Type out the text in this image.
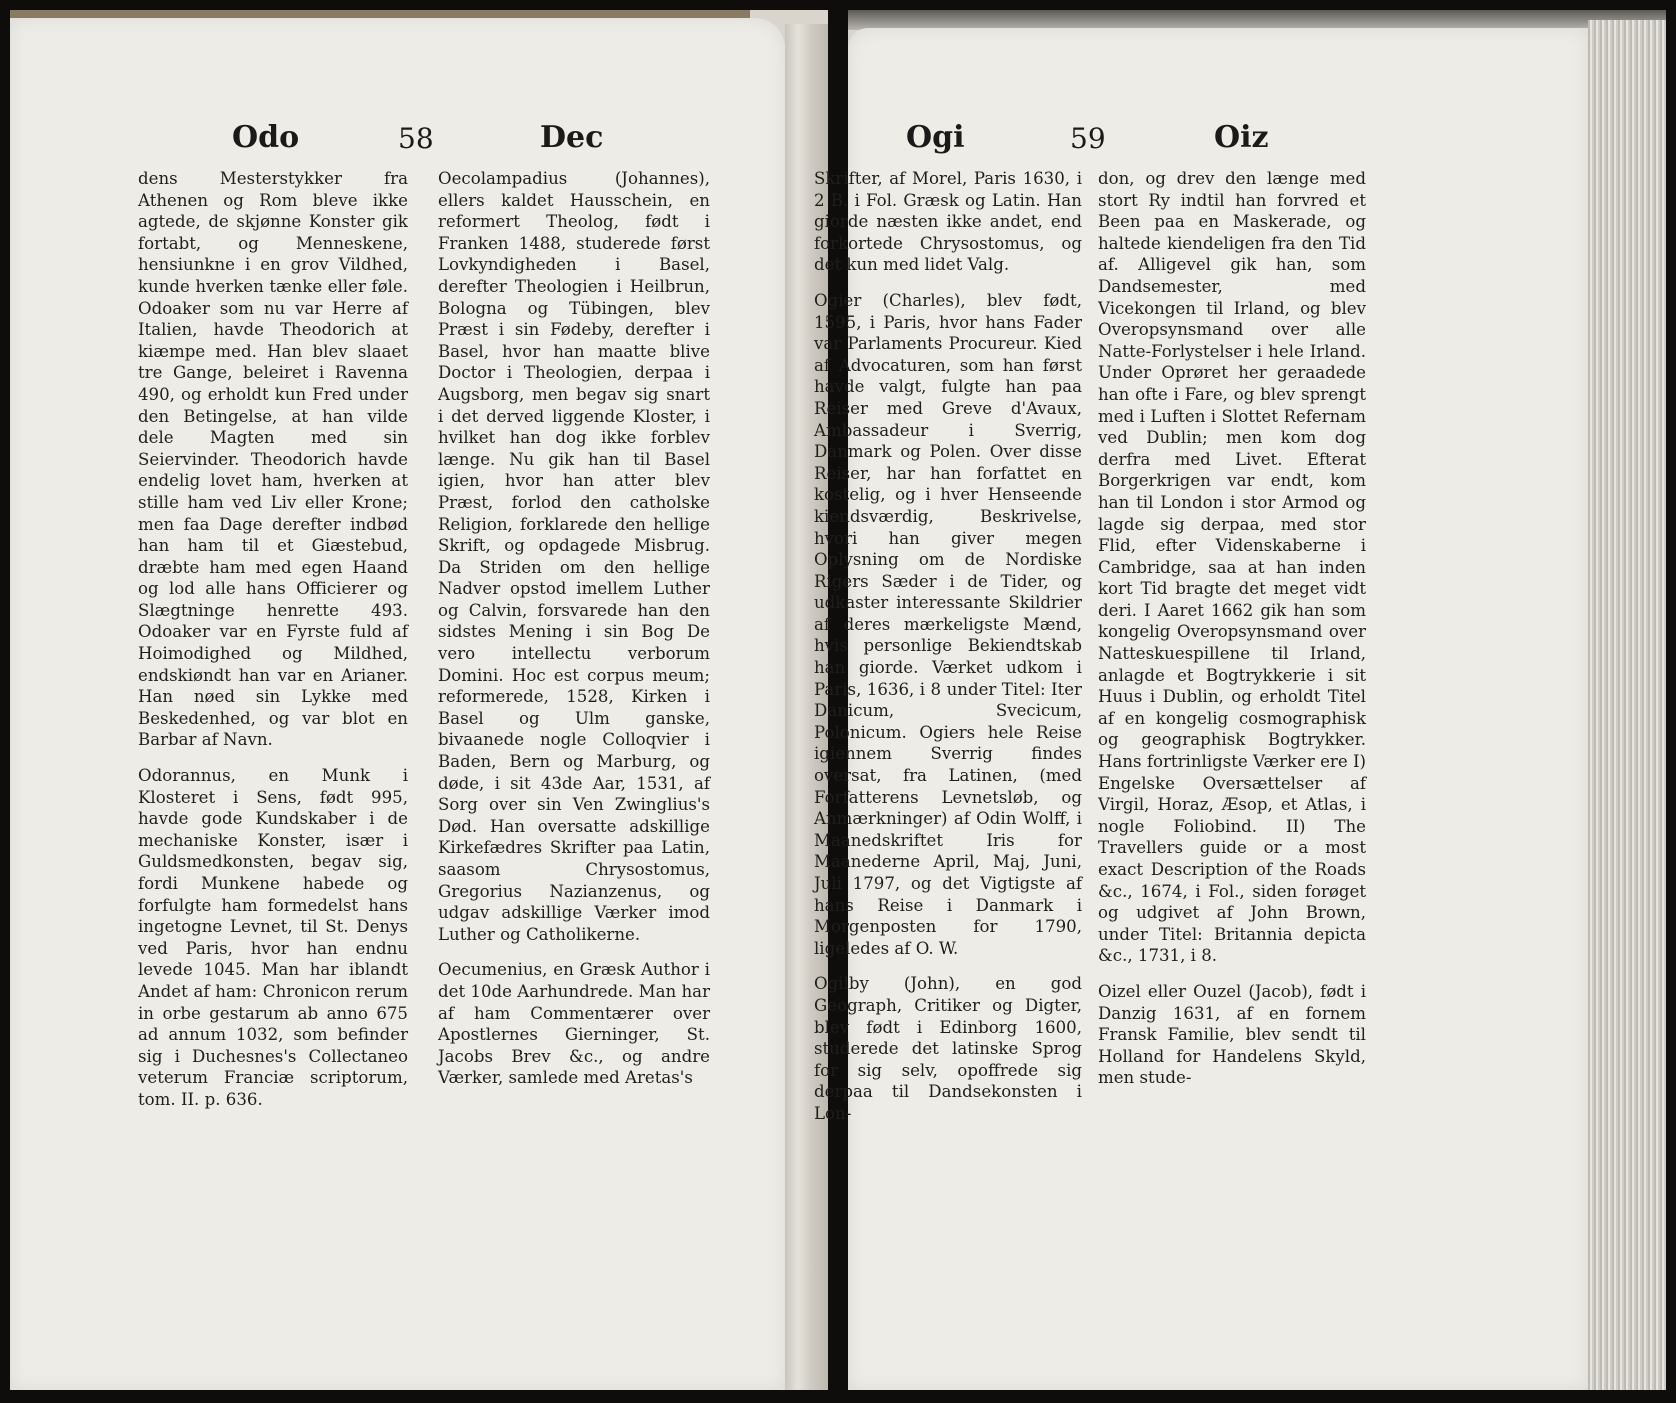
Odo	58	Dec

dens Mesterstykker fra Athenen og Rom bleve ikke agtede, de skjønne Konster gik fortabt, og Menneskene, hensiunkne i en grov Vildhed, kunde hverken tænke eller føle. Odoaker som nu var Herre af Italien, havde Theodorich at kiæmpe med. Han blev slaaet tre Gange, beleiret i Ravenna 490, og erholdt kun Fred under den Betingelse, at han vilde dele Magten med sin Seiervinder. Theodorich havde endelig lovet ham, hverken at stille ham ved Liv eller Krone; men faa Dage derefter indbød han ham til et Giæstebud, dræbte ham med egen Haand og lod alle hans Officierer og Slægtninge henrette 493. Odoaker var en Fyrste fuld af Hoimodighed og Mildhed, endskiøndt han var en Arianer. Han nøed sin Lykke med Beskedenhed, og var blot en Barbar af Navn.

Odorannus, en Munk i Klosteret i Sens, født 995, havde gode Kundskaber i de mechaniske Konster, især i Guldsmedkonsten, begav sig, fordi Munkene habede og forfulgte ham formedelst hans ingetogne Levnet, til St. Denys ved Paris, hvor han endnu levede 1045. Man har iblandt Andet af ham: Chronicon rerum in orbe gestarum ab anno 675 ad annum 1032, som befinder sig i Duchesnes's Collectaneo veterum Franciæ scriptorum, tom. II. p. 636.

Oecolampadius (Johannes), ellers kaldet Hausschein, en reformert Theolog, født i Franken 1488, studerede først Lovkyndigheden i Basel, derefter Theologien i Heilbrun, Bologna og Tübingen, blev Præst i sin Fødeby, derefter i Basel, hvor han maatte blive Doctor i Theologien, derpaa i Augsborg, men begav sig snart i det derved liggende Kloster, i hvilket han dog ikke forblev længe. Nu gik han til Basel igien, hvor han atter blev Præst, forlod den catholske Religion, forklarede den hellige Skrift, og opdagede Misbrug. Da Striden om den hellige Nadver opstod imellem Luther og Calvin, forsvarede han den sidstes Mening i sin Bog De vero intellectu verborum Domini. Hoc est corpus meum; reformerede, 1528, Kirken i Basel og Ulm ganske, bivaanede nogle Colloqvier i Baden, Bern og Marburg, og døde, i sit 43de Aar, 1531, af Sorg over sin Ven Zwinglius's Død. Han oversatte adskillige Kirkefædres Skrifter paa Latin, saasom Chrysostomus, Gregorius Nazianzenus, og udgav adskillige Værker imod Luther og Catholikerne.

Oecumenius, en Græsk Author i det 10de Aarhundrede. Man har af ham Commentærer over Apostlernes Gierninger, St. Jacobs Brev &c., og andre Værker, samlede med Aretas's

Ogi	59	Oiz

Skrifter, af Morel, Paris 1630, i 2 B. i Fol. Græsk og Latin. Han giorde næsten ikke andet, end forkortede Chrysostomus, og det kun med lidet Valg.

Ogier (Charles), blev født, 1595, i Paris, hvor hans Fader var Parlaments Procureur. Kied af Advocaturen, som han først havde valgt, fulgte han paa Reiser med Greve d'Avaux, Ambassadeur i Sverrig, Danmark og Polen. Over disse Reiser, har han forfattet en kostelig, og i hver Henseende kiendsværdig, Beskrivelse, hvori han giver megen Oplysning om de Nordiske Rigers Sæder i de Tider, og udkaster interessante Skildrier af deres mærkeligste Mænd, hvis personlige Bekiendtskab han giorde. Værket udkom i Paris, 1636, i 8 under Titel: Iter Danicum, Svecicum, Polonicum. Ogiers hele Reise igiennem Sverrig findes oversat, fra Latinen, (med Forfatterens Levnetsløb, og Anmærkninger) af Odin Wolff, i Maanedskriftet Iris for Maanederne April, Maj, Juni, Juli 1797, og det Vigtigste af hans Reise i Danmark i Morgenposten for 1790, ligeledes af O. W.

Ogilby (John), en god Geograph, Critiker og Digter, blev født i Edinborg 1600, studerede det latinske Sprog for sig selv, opoffrede sig derpaa til Dandsekonsten i Lon-

don, og drev den længe med stort Ry indtil han forvred et Been paa en Maskerade, og haltede kiendeligen fra den Tid af. Alligevel gik han, som Dandsemester, med Vicekongen til Irland, og blev Overopsynsmand over alle Natte-Forlystelser i hele Irland. Under Oprøret her geraadede han ofte i Fare, og blev sprengt med i Luften i Slottet Refernam ved Dublin; men kom dog derfra med Livet. Efterat Borgerkrigen var endt, kom han til London i stor Armod og lagde sig derpaa, med stor Flid, efter Videnskaberne i Cambridge, saa at han inden kort Tid bragte det meget vidt deri. I Aaret 1662 gik han som kongelig Overopsynsmand over Natteskuespillene til Irland, anlagde et Bogtrykkerie i sit Huus i Dublin, og erholdt Titel af en kongelig cosmographisk og geographisk Bogtrykker. Hans fortrinligste Værker ere I) Engelske Oversættelser af Virgil, Horaz, Æsop, et Atlas, i nogle Foliobind. II) The Travellers guide or a most exact Description of the Roads &c., 1674, i Fol., siden forøget og udgivet af John Brown, under Titel: Britannia depicta &c., 1731, i 8.

Oizel eller Ouzel (Jacob), født i Danzig 1631, af en fornem Fransk Familie, blev sendt til Holland for Handelens Skyld, men stude-
